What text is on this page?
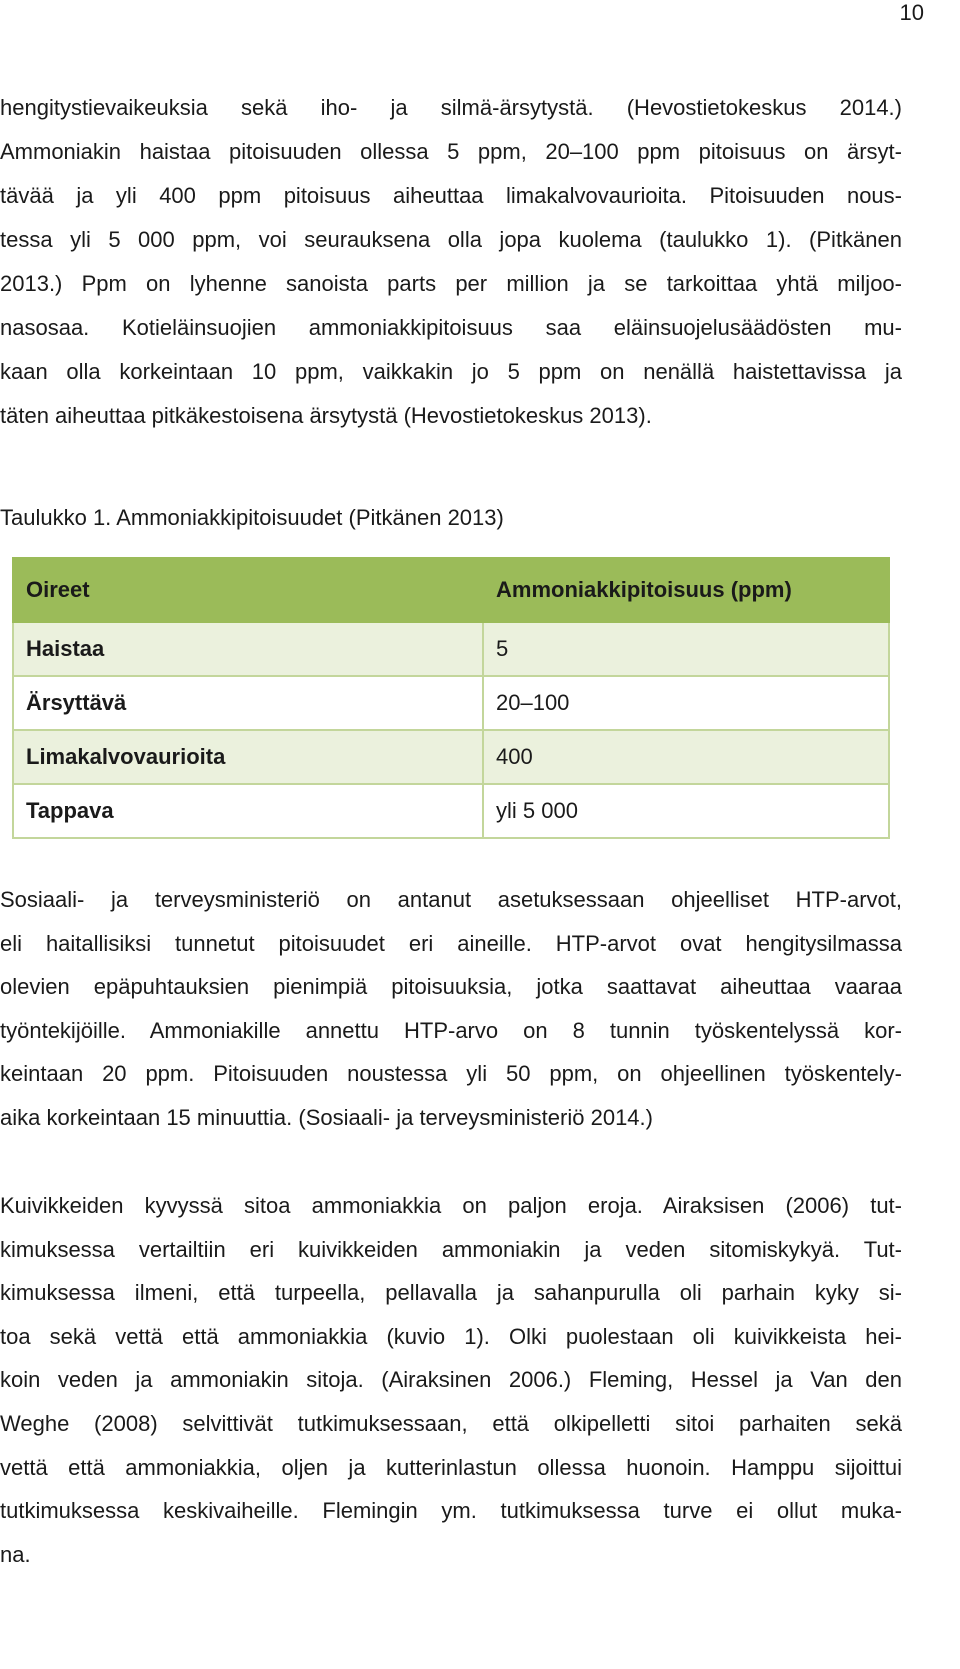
10
hengitystievaikeuksia sekä iho- ja silmä-ärsytystä. (Hevostietokeskus 2014.)
Ammoniakin haistaa pitoisuuden ollessa 5 ppm, 20–100 ppm pitoisuus on ärsyt-
tävää ja yli 400 ppm pitoisuus aiheuttaa limakalvovaurioita. Pitoisuuden nous-
tessa yli 5 000 ppm, voi seurauksena olla jopa kuolema (taulukko 1). (Pitkänen
2013.) Ppm on lyhenne sanoista parts per million ja se tarkoittaa yhtä miljoo-
nasosaa. Kotieläinsuojien ammoniakkipitoisuus saa eläinsuojelusäädösten mu-
kaan olla korkeintaan 10 ppm, vaikkakin jo 5 ppm on nenällä haistettavissa ja
täten aiheuttaa pitkäkestoisena ärsytystä (Hevostietokeskus 2013).
Taulukko 1. Ammoniakkipitoisuudet (Pitkänen 2013)
Oireet	Ammoniakkipitoisuus (ppm)
Haistaa	5
Ärsyttävä	20–100
Limakalvovaurioita	400
Tappava	yli 5 000
Sosiaali- ja terveysministeriö on antanut asetuksessaan ohjeelliset HTP-arvot,
eli haitallisiksi tunnetut pitoisuudet eri aineille. HTP-arvot ovat hengitysilmassa
olevien epäpuhtauksien pienimpiä pitoisuuksia, jotka saattavat aiheuttaa vaaraa
työntekijöille. Ammoniakille annettu HTP-arvo on 8 tunnin työskentelyssä kor-
keintaan 20 ppm. Pitoisuuden noustessa yli 50 ppm, on ohjeellinen työskentely-
aika korkeintaan 15 minuuttia. (Sosiaali- ja terveysministeriö 2014.)
Kuivikkeiden kyvyssä sitoa ammoniakkia on paljon eroja. Airaksisen (2006) tut-
kimuksessa vertailtiin eri kuivikkeiden ammoniakin ja veden sitomiskykyä. Tut-
kimuksessa ilmeni, että turpeella, pellavalla ja sahanpurulla oli parhain kyky si-
toa sekä vettä että ammoniakkia (kuvio 1). Olki puolestaan oli kuivikkeista hei-
koin veden ja ammoniakin sitoja. (Airaksinen 2006.) Fleming, Hessel ja Van den
Weghe (2008) selvittivät tutkimuksessaan, että olkipelletti sitoi parhaiten sekä
vettä että ammoniakkia, oljen ja kutterinlastun ollessa huonoin. Hamppu sijoittui
tutkimuksessa keskivaiheille. Flemingin ym. tutkimuksessa turve ei ollut muka-
na.
